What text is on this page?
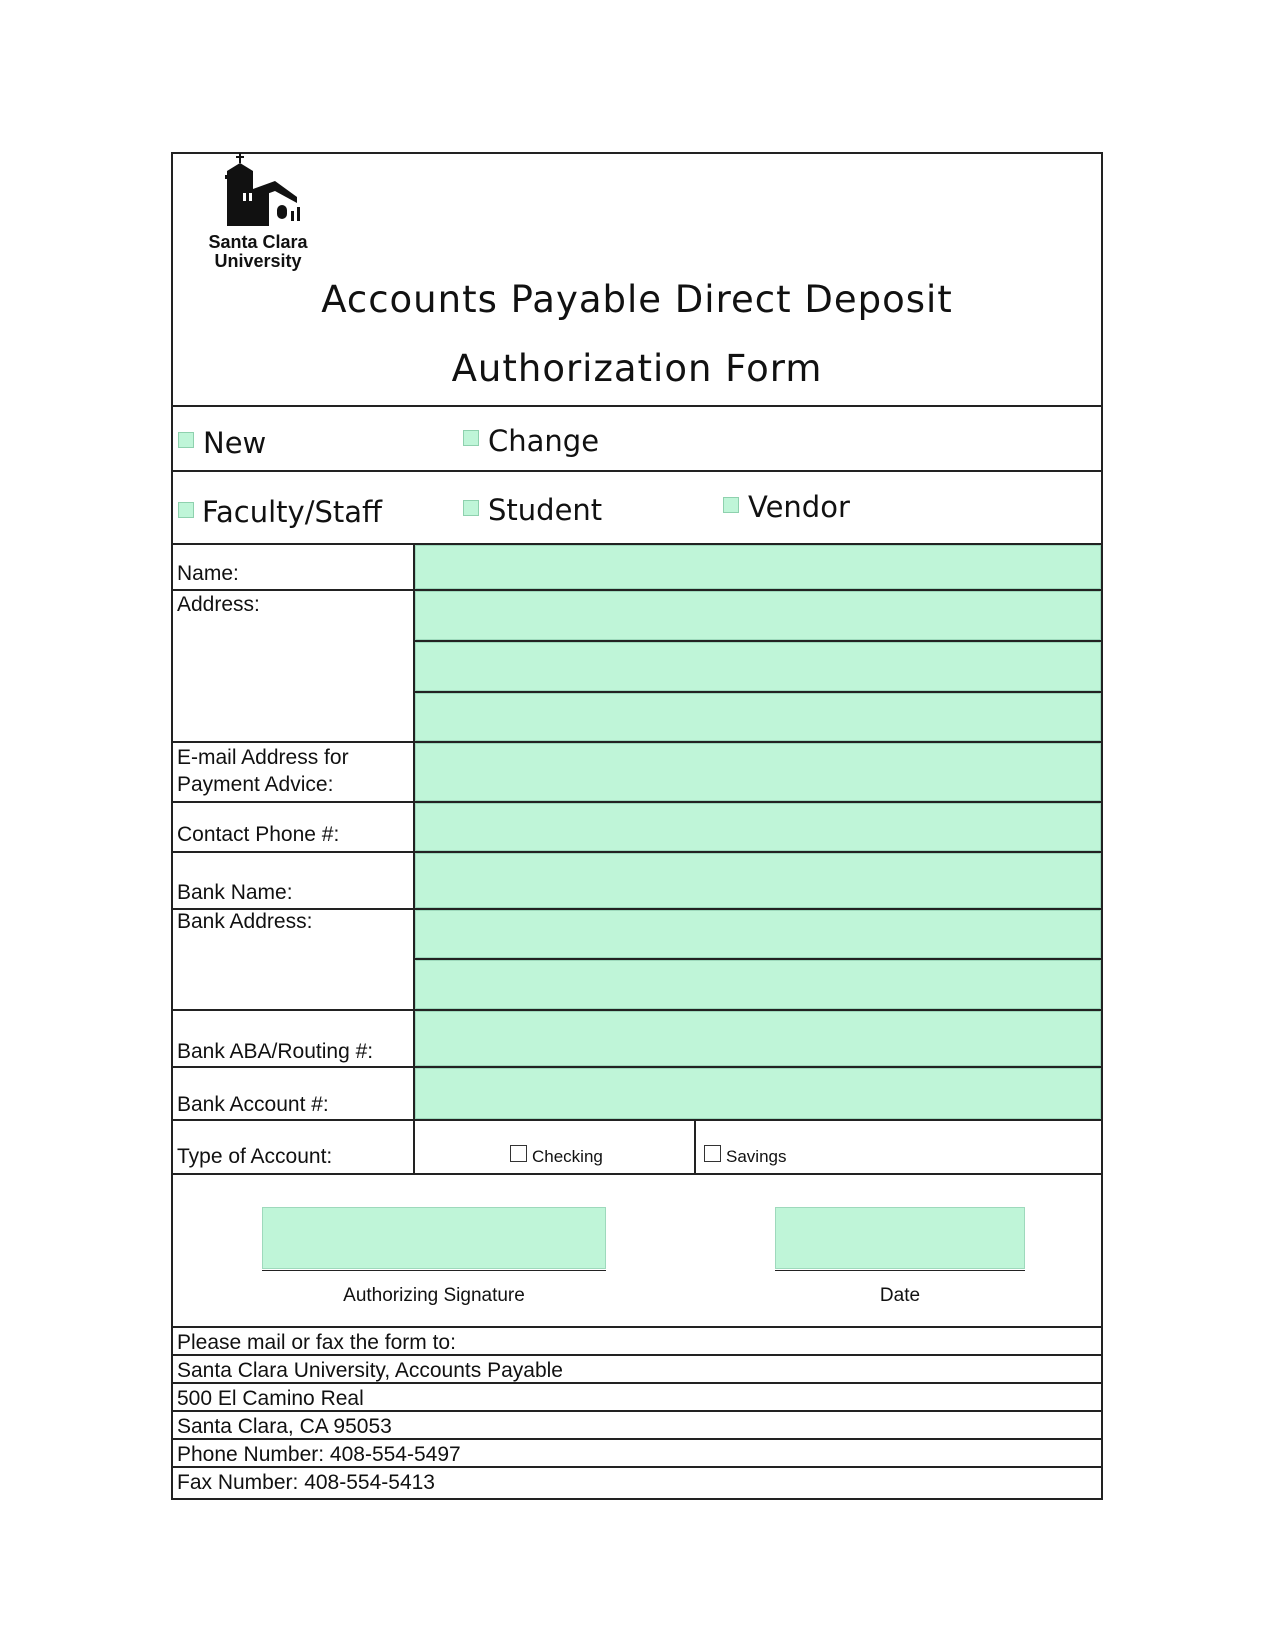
Santa Clara
University
Accounts Payable Direct Deposit
Authorization Form
New	Change
Faculty/Staff	Student	Vendor
Name:
Address:
E-mail Address for
Payment Advice:
Contact Phone #:
Bank Name:
Bank Address:
Bank ABA/Routing #:
Bank Account #:
Type of Account:	Checking	Savings
Authorizing Signature	Date
Please mail or fax the form to:
Santa Clara University, Accounts Payable
500 El Camino Real
Santa Clara, CA 95053
Phone Number: 408-554-5497
Fax Number: 408-554-5413
